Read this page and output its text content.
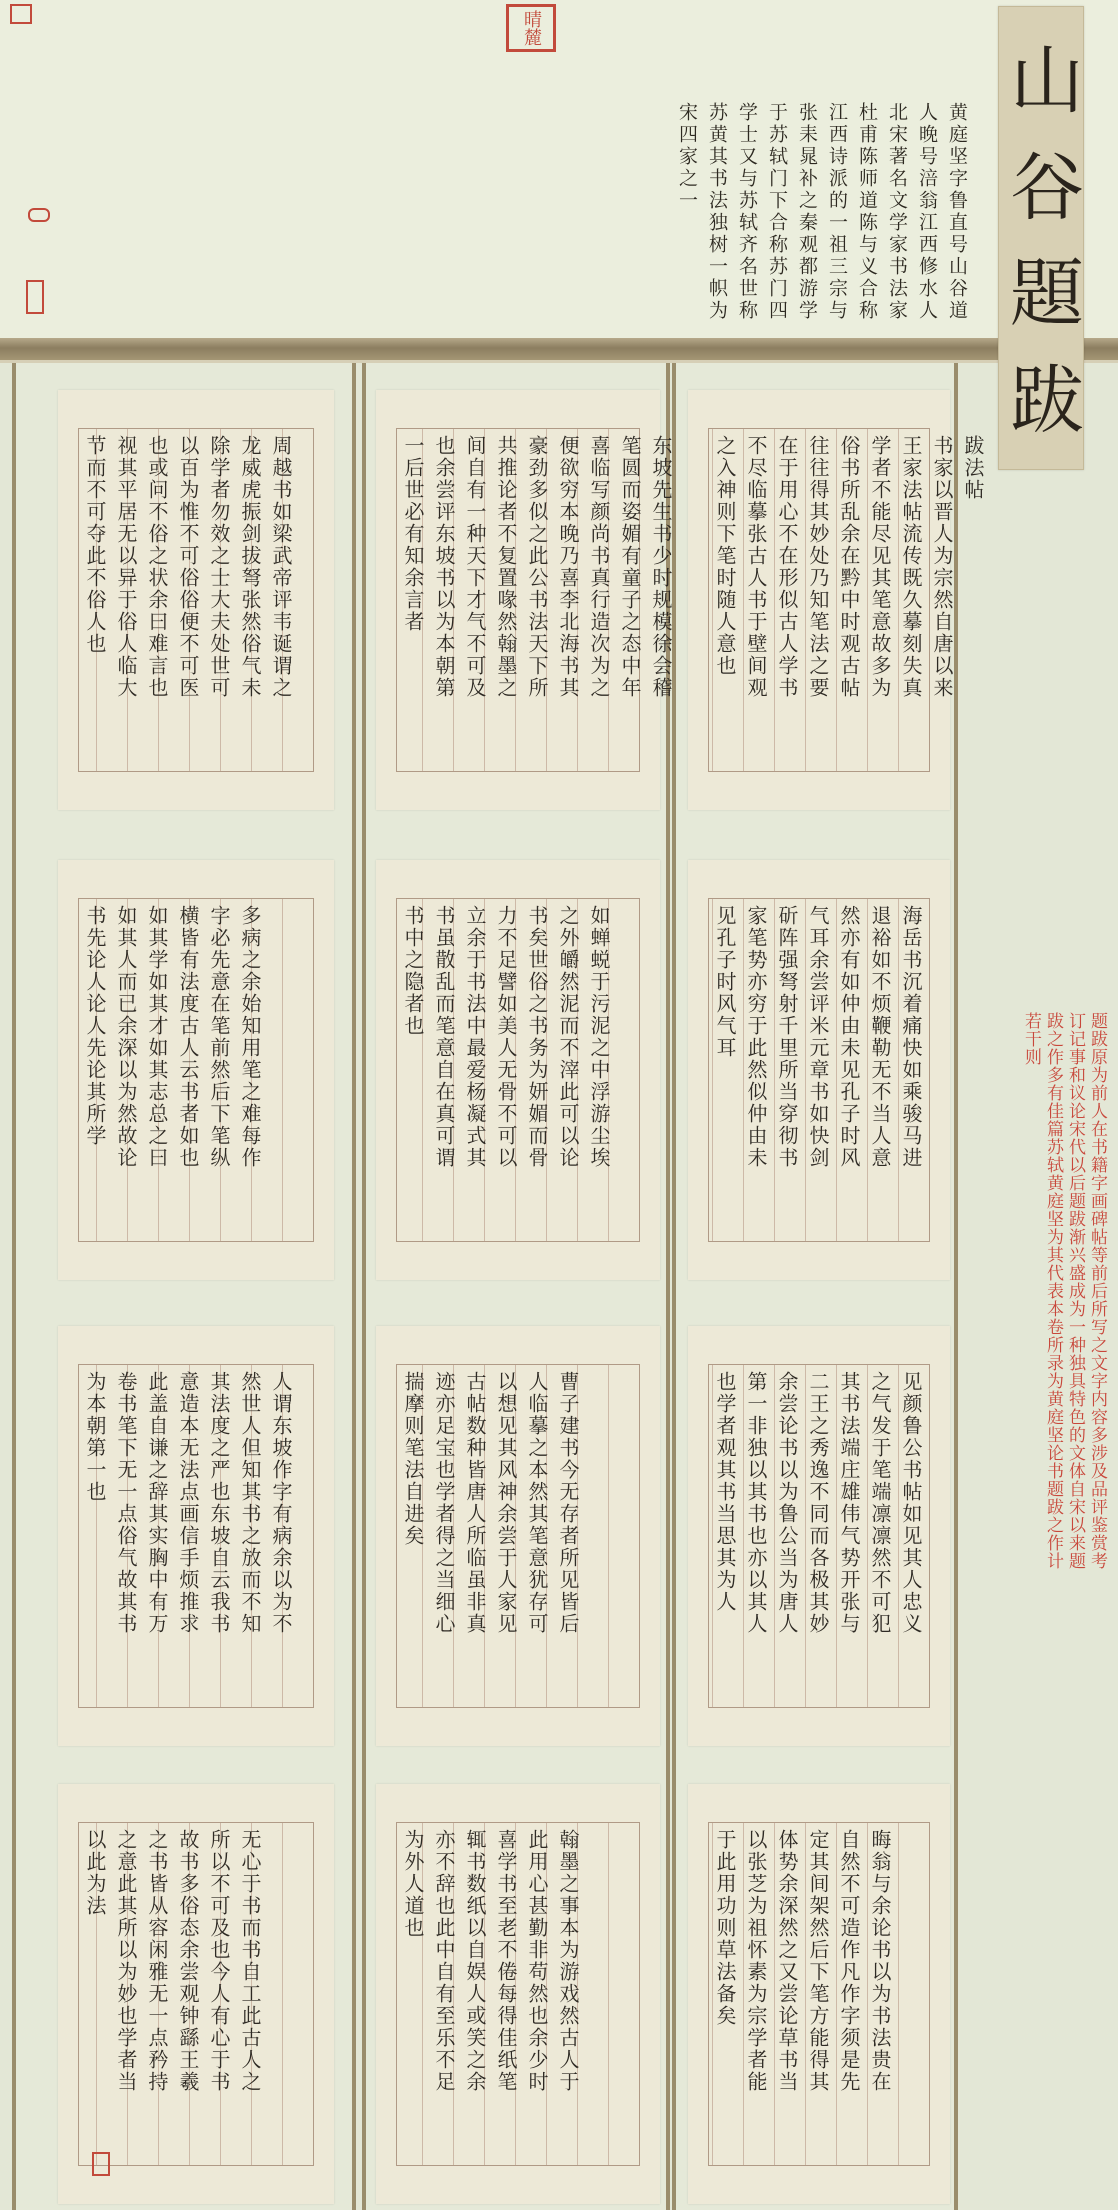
晴麓
黄庭坚字鲁直号山谷道人晚号涪翁江西修水人北宋著名文学家书法家杜甫陈师道陈与义合称江西诗派的一祖三宗与张耒晁补之秦观都游学于苏轼门下合称苏门四学士又与苏轼齐名世称苏黄其书法独树一帜为宋四家之一
山
谷
題
跋
跋法帖
书家以晋人为宗然自唐以来
王家法帖流传既久摹刻失真
学者不能尽见其笔意故多为
俗书所乱余在黔中时观古帖
往往得其妙处乃知笔法之要
在于用心不在形似古人学书
不尽临摹张古人书于壁间观
之入神则下笔时随人意也
海岳书沉着痛快如乘骏马进
退裕如不烦鞭勒无不当人意
然亦有如仲由未见孔子时风
气耳余尝评米元章书如快剑
斫阵强弩射千里所当穿彻书
家笔势亦穷于此然似仲由未
见孔子时风气耳
见颜鲁公书帖如见其人忠义
之气发于笔端凛凛然不可犯
其书法端庄雄伟气势开张与
二王之秀逸不同而各极其妙
余尝论书以为鲁公当为唐人
第一非独以其书也亦以其人
也学者观其书当思其为人
晦翁与余论书以为书法贵在
自然不可造作凡作字须是先
定其间架然后下笔方能得其
体势余深然之又尝论草书当
以张芝为祖怀素为宗学者能
于此用功则草法备矣
东坡先生书少时规模徐会稽
笔圆而姿媚有童子之态中年
喜临写颜尚书真行造次为之
便欲穷本晚乃喜李北海书其
豪劲多似之此公书法天下所
共推论者不复置喙然翰墨之
间自有一种天下才气不可及
也余尝评东坡书以为本朝第
一后世必有知余言者
如蝉蜕于污泥之中浮游尘埃
之外皭然泥而不滓此可以论
书矣世俗之书务为妍媚而骨
力不足譬如美人无骨不可以
立余于书法中最爱杨凝式其
书虽散乱而笔意自在真可谓
书中之隐者也
曹子建书今无存者所见皆后
人临摹之本然其笔意犹存可
以想见其风神余尝于人家见
古帖数种皆唐人所临虽非真
迹亦足宝也学者得之当细心
揣摩则笔法自进矣
翰墨之事本为游戏然古人于
此用心甚勤非苟然也余少时
喜学书至老不倦每得佳纸笔
辄书数纸以自娱人或笑之余
亦不辞也此中自有至乐不足
为外人道也
周越书如梁武帝评韦诞谓之
龙威虎振剑拔弩张然俗气未
除学者勿效之士大夫处世可
以百为惟不可俗俗便不可医
也或问不俗之状余曰难言也
视其平居无以异于俗人临大
节而不可夺此不俗人也
多病之余始知用笔之难每作
字必先意在笔前然后下笔纵
横皆有法度古人云书者如也
如其学如其才如其志总之曰
如其人而已余深以为然故论
书先论人论人先论其所学
人谓东坡作字有病余以为不
然世人但知其书之放而不知
其法度之严也东坡自云我书
意造本无法点画信手烦推求
此盖自谦之辞其实胸中有万
卷书笔下无一点俗气故其书
为本朝第一也
无心于书而书自工此古人之
所以不可及也今人有心于书
故书多俗态余尝观钟繇王羲
之书皆从容闲雅无一点矜持
之意此其所以为妙也学者当
以此为法
题跋原为前人在书籍字画碑帖等前后所写之文字内容多涉及品评鉴赏考订记事和议论宋代以后题跋渐兴盛成为一种独具特色的文体自宋以来题跋之作多有佳篇苏轼黄庭坚为其代表本卷所录为黄庭坚论书题跋之作计若干则
